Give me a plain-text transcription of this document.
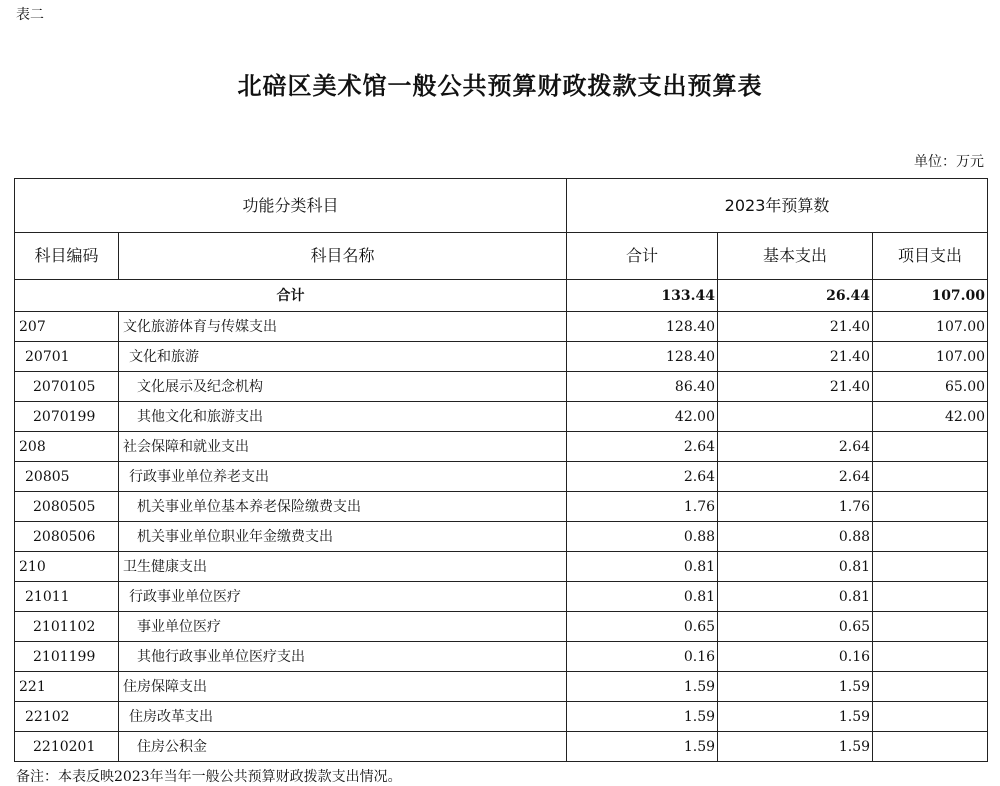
表二
北碚区美术馆一般公共预算财政拨款支出预算表
单位：万元
功能分类科目		2023年预算数		
科目编码	科目名称	合计	基本支出	项目支出
合计		133.44	26.44	107.00
207	文化旅游体育与传媒支出	128.40	21.40	107.00
20701	文化和旅游	128.40	21.40	107.00
2070105	文化展示及纪念机构	86.40	21.40	65.00
2070199	其他文化和旅游支出	42.00		42.00
208	社会保障和就业支出	2.64	2.64	
20805	行政事业单位养老支出	2.64	2.64	
2080505	机关事业单位基本养老保险缴费支出	1.76	1.76	
2080506	机关事业单位职业年金缴费支出	0.88	0.88	
210	卫生健康支出	0.81	0.81	
21011	行政事业单位医疗	0.81	0.81	
2101102	事业单位医疗	0.65	0.65	
2101199	其他行政事业单位医疗支出	0.16	0.16	
221	住房保障支出	1.59	1.59	
22102	住房改革支出	1.59	1.59	
2210201	住房公积金	1.59	1.59	
备注：本表反映2023年当年一般公共预算财政拨款支出情况。
